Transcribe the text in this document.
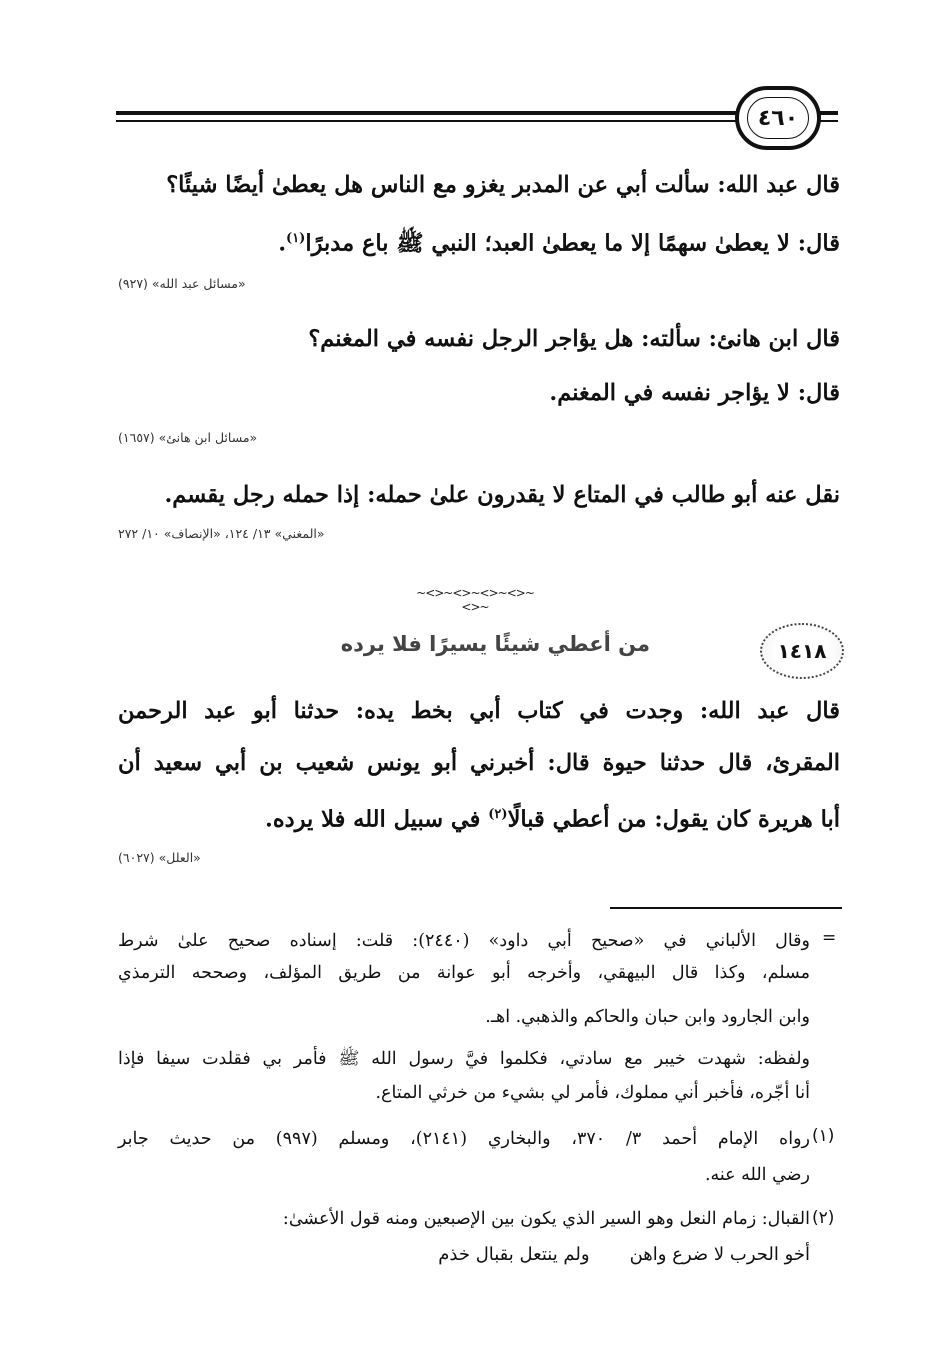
٤٦٠
قال عبد الله: سألت أبي عن المدبر يغزو مع الناس هل يعطىٰ أيضًا شيئًا؟
قال: لا يعطىٰ سهمًا إلا ما يعطىٰ العبد؛ النبي ﷺ باع مدبرًا$^{(١)}$.
«مسائل عبد الله» (٩٢٧)
قال ابن هانئ: سألته: هل يؤاجر الرجل نفسه في المغنم؟
قال: لا يؤاجر نفسه في المغنم.
«مسائل ابن هانئ» (١٦٥٧)
نقل عنه أبو طالب في المتاع لا يقدرون علىٰ حمله: إذا حمله رجل يقسم.
«المغني» ١٣/ ١٢٤، «الإنصاف» ١٠/ ٢٧٢
~<>~<>~<>~<>~<>~
١٤١٨
من أعطي شيئًا يسيرًا فلا يرده
قال عبد الله: وجدت في كتاب أبي بخط يده: حدثنا أبو عبد الرحمن
المقرئ، قال حدثنا حيوة قال: أخبرني أبو يونس شعيب بن أبي سعيد أن
أبا هريرة كان يقول: من أعطي قبالًا$^{(٢)}$ في سبيل الله فلا يرده.
«العلل» (٦٠٢٧)
=
وقال الألباني في «صحيح أبي داود» (٢٤٤٠): قلت: إسناده صحيح علىٰ شرط
مسلم، وكذا قال البيهقي، وأخرجه أبو عوانة من طريق المؤلف، وصححه الترمذي
وابن الجارود وابن حبان والحاكم والذهبي. اهـ.
ولفظه: شهدت خيبر مع سادتي، فكلموا فيَّ رسول الله ﷺ فأمر بي فقلدت سيفا فإذا
أنا أجّره، فأخبر أني مملوك، فأمر لي بشيء من خرثي المتاع.
(١)
رواه الإمام أحمد ٣/ ٣٧٠، والبخاري (٢١٤١)، ومسلم (٩٩٧) من حديث جابر
رضي الله عنه.
(٢)
القبال: زمام النعل وهو السير الذي يكون بين الإصبعين ومنه قول الأعشىٰ:
أخو الحرب لا ضرع واهنولم ينتعل بقبال خذم
